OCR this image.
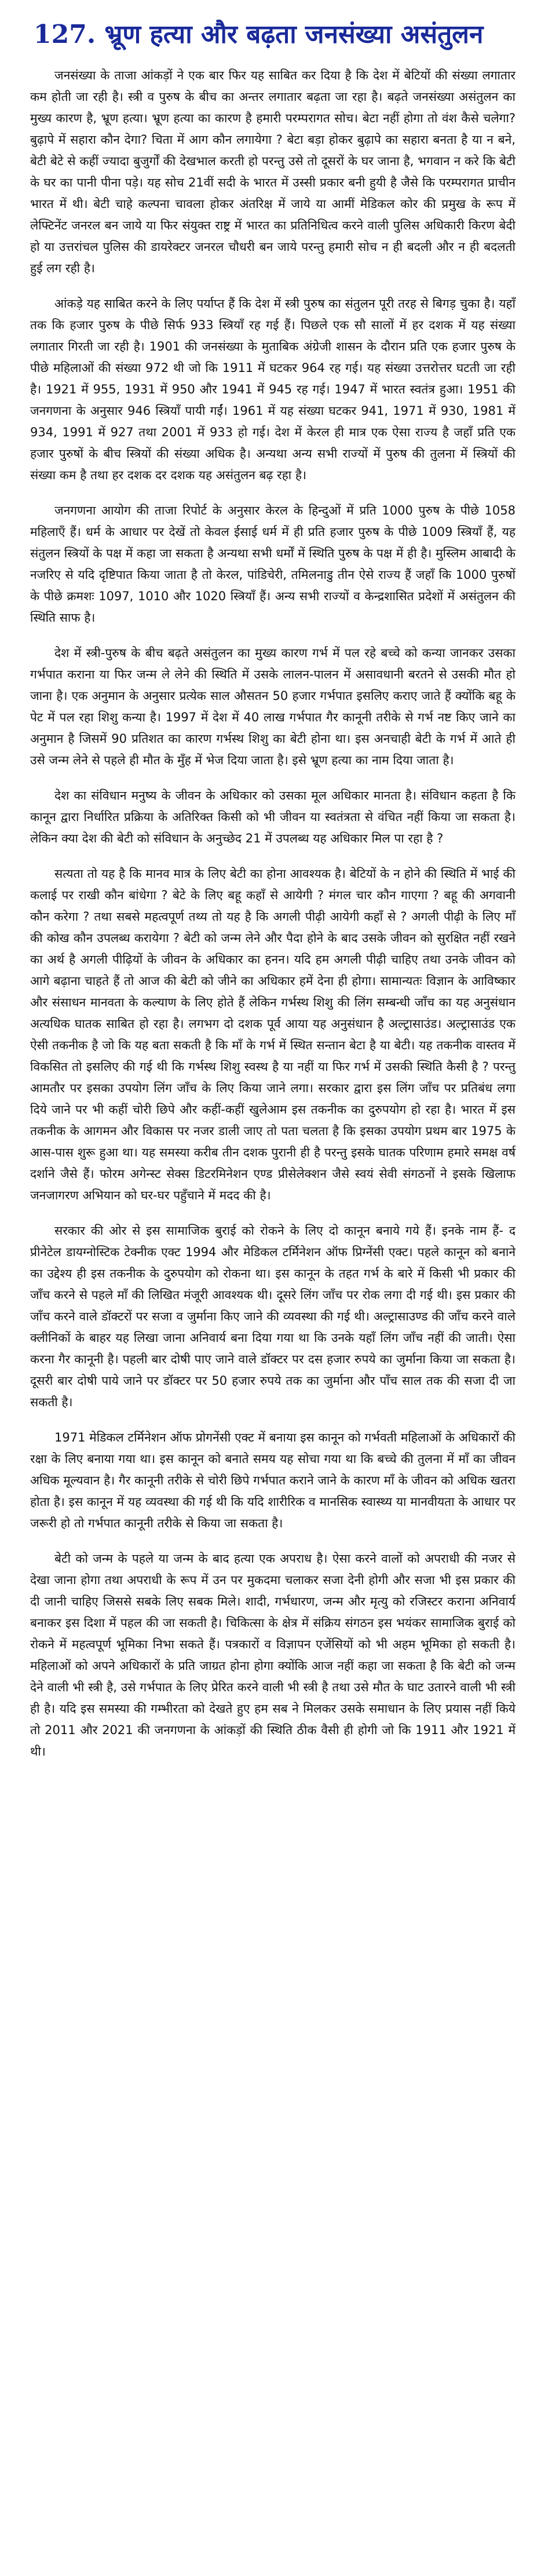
127. भ्रूण हत्या और बढ़ता जनसंख्या असंतुलन

जनसंख्या के ताजा आंकड़ों ने एक बार फिर यह साबित कर दिया है कि देश में बेटियों की संख्या लगातार कम होती जा रही है। स्त्री व पुरुष के बीच का अन्तर लगातार बढ़ता जा रहा है। बढ़ते जनसंख्या असंतुलन का मुख्य कारण है, भ्रूण हत्या। भ्रूण हत्या का कारण है हमारी परम्परागत सोच। बेटा नहीं होगा तो वंश कैसे चलेगा? बुढ़ापे में सहारा कौन देगा? चिता में आग कौन लगायेगा ? बेटा बड़ा होकर बुढ़ापे का सहारा बनता है या न बने, बेटी बेटे से कहीं ज्यादा बुजुर्गों की देखभाल करती हो परन्तु उसे तो दूसरों के घर जाना है, भगवान न करे कि बेटी के घर का पानी पीना पड़े। यह सोच 21वीं सदी के भारत में उस्सी प्रकार बनी हुयी है जैसे कि परम्परागत प्राचीन भारत में थी। बेटी चाहे कल्पना चावला होकर अंतरिक्ष में जाये या आमीं मेडिकल कोर की प्रमुख के रूप में लेफ्टिनेंट जनरल बन जाये या फिर संयुक्त राष्ट्र में भारत का प्रतिनिधित्व करने वाली पुलिस अधिकारी किरण बेदी हो या उत्तरांचल पुलिस की डायरेक्टर जनरल चौधरी बन जाये परन्तु हमारी सोच न ही बदली और न ही बदलती हुई लग रही है।

आंकड़े यह साबित करने के लिए पर्याप्त हैं कि देश में स्त्री पुरुष का संतुलन पूरी तरह से बिगड़ चुका है। यहाँ तक कि हजार पुरुष के पीछे सिर्फ 933 स्त्रियाँ रह गई हैं। पिछले एक सौ सालों में हर दशक में यह संख्या लगातार गिरती जा रही है। 1901 की जनसंख्या के मुताबिक अंग्रेजी शासन के दौरान प्रति एक हजार पुरुष के पीछे महिलाओं की संख्या 972 थी जो कि 1911 में घटकर 964 रह गई। यह संख्या उत्तरोत्तर घटती जा रही है। 1921 में 955, 1931 में 950 और 1941 में 945 रह गई। 1947 में भारत स्वतंत्र हुआ। 1951 की जनगणना के अनुसार 946 स्त्रियाँ पायी गईं। 1961 में यह संख्या घटकर 941, 1971 में 930, 1981 में 934, 1991 में 927 तथा 2001 में 933 हो गई। देश में केरल ही मात्र एक ऐसा राज्य है जहाँ प्रति एक हजार पुरुषों के बीच स्त्रियों की संख्या अधिक है। अन्यथा अन्य सभी राज्यों में पुरुष की तुलना में स्त्रियों की संख्या कम है तथा हर दशक दर दशक यह असंतुलन बढ़ रहा है।

जनगणना आयोग की ताजा रिपोर्ट के अनुसार केरल के हिन्दुओं में प्रति 1000 पुरुष के पीछे 1058 महिलाएँ हैं। धर्म के आधार पर देखें तो केवल ईसाई धर्म में ही प्रति हजार पुरुष के पीछे 1009 स्त्रियाँ हैं, यह संतुलन स्त्रियों के पक्ष में कहा जा सकता है अन्यथा सभी धर्मों में स्थिति पुरुष के पक्ष में ही है। मुस्लिम आबादी के नजरिए से यदि दृष्टिपात किया जाता है तो केरल, पांडिचेरी, तमिलनाडु तीन ऐसे राज्य हैं जहाँ कि 1000 पुरुषों के पीछे क्रमशः 1097, 1010 और 1020 स्त्रियाँ हैं। अन्य सभी राज्यों व केन्द्रशासित प्रदेशों में असंतुलन की स्थिति साफ है।

देश में स्त्री-पुरुष के बीच बढ़ते असंतुलन का मुख्य कारण गर्भ में पल रहे बच्चे को कन्या जानकर उसका गर्भपात कराना या फिर जन्म ले लेने की स्थिति में उसके लालन-पालन में असावधानी बरतने से उसकी मौत हो जाना है। एक अनुमान के अनुसार प्रत्येक साल औसतन 50 हजार गर्भपात इसलिए कराए जाते हैं क्योंकि बहू के पेट में पल रहा शिशु कन्या है। 1997 में देश में 40 लाख गर्भपात गैर कानूनी तरीके से गर्भ नष्ट किए जाने का अनुमान है जिसमें 90 प्रतिशत का कारण गर्भस्थ शिशु का बेटी होना था। इस अनचाही बेटी के गर्भ में आते ही उसे जन्म लेने से पहले ही मौत के मुँह में भेज दिया जाता है। इसे भ्रूण हत्या का नाम दिया जाता है।

देश का संविधान मनुष्य के जीवन के अधिकार को उसका मूल अधिकार मानता है। संविधान कहता है कि कानून द्वारा निर्धारित प्रक्रिया के अतिरिक्त किसी को भी जीवन या स्वतंत्रता से वंचित नहीं किया जा सकता है। लेकिन क्या देश की बेटी को संविधान के अनुच्छेद 21 में उपलब्ध यह अधिकार मिल पा रहा है ?

सत्यता तो यह है कि मानव मात्र के लिए बेटी का होना आवश्यक है। बेटियों के न होने की स्थिति में भाई की कलाई पर राखी कौन बांधेगा ? बेटे के लिए बहू कहाँ से आयेगी ? मंगल चार कौन गाएगा ? बहू की अगवानी कौन करेगा ? तथा सबसे महत्वपूर्ण तथ्य तो यह है कि अगली पीढ़ी आयेगी कहाँ से ? अगली पीढ़ी के लिए माँ की कोख कौन उपलब्ध करायेगा ? बेटी को जन्म लेने और पैदा होने के बाद उसके जीवन को सुरक्षित नहीं रखने का अर्थ है अगली पीढ़ियों के जीवन के अधिकार का हनन। यदि हम अगली पीढ़ी चाहिए तथा उनके जीवन को आगे बढ़ाना चाहते हैं तो आज की बेटी को जीने का अधिकार हमें देना ही होगा। सामान्यतः विज्ञान के आविष्कार और संसाधन मानवता के कल्याण के लिए होते हैं लेकिन गर्भस्थ शिशु की लिंग सम्बन्धी जाँच का यह अनुसंधान अत्यधिक घातक साबित हो रहा है। लगभग दो दशक पूर्व आया यह अनुसंधान है अल्ट्रासाउंड। अल्ट्रासाउंड एक ऐसी तकनीक है जो कि यह बता सकती है कि माँ के गर्भ में स्थित सन्तान बेटा है या बेटी। यह तकनीक वास्तव में विकसित तो इसलिए की गई थी कि गर्भस्थ शिशु स्वस्थ है या नहीं या फिर गर्भ में उसकी स्थिति कैसी है ? परन्तु आमतौर पर इसका उपयोग लिंग जाँच के लिए किया जाने लगा। सरकार द्वारा इस लिंग जाँच पर प्रतिबंध लगा दिये जाने पर भी कहीं चोरी छिपे और कहीं-कहीं खुलेआम इस तकनीक का दुरुपयोग हो रहा है। भारत में इस तकनीक के आगमन और विकास पर नजर डाली जाए तो पता चलता है कि इसका उपयोग प्रथम बार 1975 के आस-पास शुरू हुआ था। यह समस्या करीब तीन दशक पुरानी ही है परन्तु इसके घातक परिणाम हमारे समक्ष वर्ष दर्शाने जैसे हैं। फोरम अगेन्स्ट सेक्स डिटरमिनेशन एण्ड प्रीसेलेक्शन जैसे स्वयं सेवी संगठनों ने इसके खिलाफ जनजागरण अभियान को घर-घर पहुँचाने में मदद की है।

सरकार की ओर से इस सामाजिक बुराई को रोकने के लिए दो कानून बनाये गये हैं। इनके नाम हैं- द प्रीनेटेल डायग्नोस्टिक टेक्नीक एक्ट 1994 और मेडिकल टर्मिनेशन ऑफ प्रिग्नेंसी एक्ट। पहले कानून को बनाने का उद्देश्य ही इस तकनीक के दुरुपयोग को रोकना था। इस कानून के तहत गर्भ के बारे में किसी भी प्रकार की जाँच करने से पहले माँ की लिखित मंजूरी आवश्यक थी। दूसरे लिंग जाँच पर रोक लगा दी गई थी। इस प्रकार की जाँच करने वाले डॉक्टरों पर सजा व जुर्माना किए जाने की व्यवस्था की गई थी। अल्ट्रासाउण्ड की जाँच करने वाले क्लीनिकों के बाहर यह लिखा जाना अनिवार्य बना दिया गया था कि उनके यहाँ लिंग जाँच नहीं की जाती। ऐसा करना गैर कानूनी है। पहली बार दोषी पाए जाने वाले डॉक्टर पर दस हजार रुपये का जुर्माना किया जा सकता है। दूसरी बार दोषी पाये जाने पर डॉक्टर पर 50 हजार रुपये तक का जुर्माना और पाँच साल तक की सजा दी जा सकती है।

1971 मेडिकल टर्मिनेशन ऑफ प्रोगनेंसी एक्ट में बनाया इस कानून को गर्भवती महिलाओं के अधिकारों की रक्षा के लिए बनाया गया था। इस कानून को बनाते समय यह सोचा गया था कि बच्चे की तुलना में माँ का जीवन अधिक मूल्यवान है। गैर कानूनी तरीके से चोरी छिपे गर्भपात कराने जाने के कारण माँ के जीवन को अधिक खतरा होता है। इस कानून में यह व्यवस्था की गई थी कि यदि शारीरिक व मानसिक स्वास्थ्य या मानवीयता के आधार पर जरूरी हो तो गर्भपात कानूनी तरीके से किया जा सकता है।

बेटी को जन्म के पहले या जन्म के बाद हत्या एक अपराध है। ऐसा करने वालों को अपराधी की नजर से देखा जाना होगा तथा अपराधी के रूप में उन पर मुकदमा चलाकर सजा देनी होगी और सजा भी इस प्रकार की दी जानी चाहिए जिससे सबके लिए सबक मिले। शादी, गर्भधारण, जन्म और मृत्यु को रजिस्टर कराना अनिवार्य बनाकर इस दिशा में पहल की जा सकती है। चिकित्सा के क्षेत्र में संक्रिय संगठन इस भयंकर सामाजिक बुराई को रोकने में महत्वपूर्ण भूमिका निभा सकते हैं। पत्रकारों व विज्ञापन एजेंसियों को भी अहम भूमिका हो सकती है। महिलाओं को अपने अधिकारों के प्रति जाग्रत होना होगा क्योंकि आज नहीं कहा जा सकता है कि बेटी को जन्म देने वाली भी स्त्री है, उसे गर्भपात के लिए प्रेरित करने वाली भी स्त्री है तथा उसे मौत के घाट उतारने वाली भी स्त्री ही है। यदि इस समस्या की गम्भीरता को देखते हुए हम सब ने मिलकर उसके समाधान के लिए प्रयास नहीं किये तो 2011 और 2021 की जनगणना के आंकड़ों की स्थिति ठीक वैसी ही होगी जो कि 1911 और 1921 में थी।
